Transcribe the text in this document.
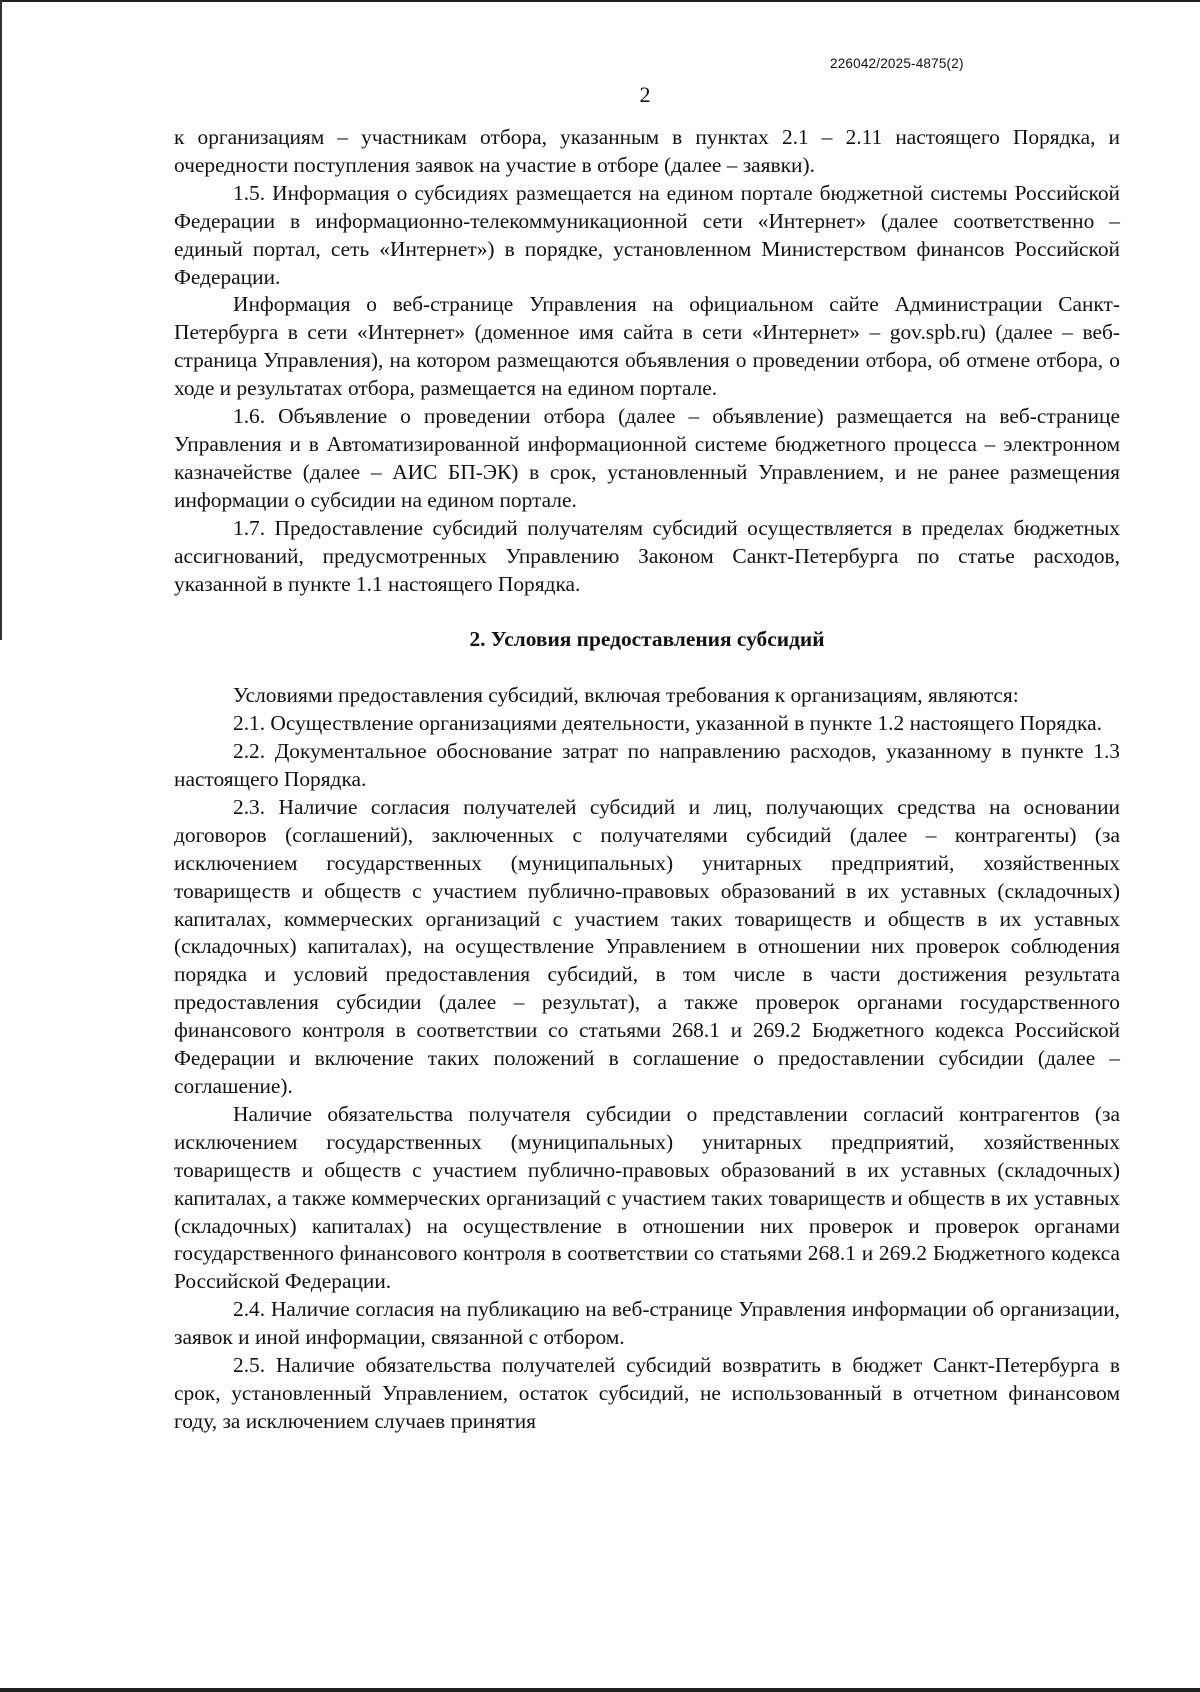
226042/2025-4875(2)
2

к организациям – участникам отбора, указанным в пунктах 2.1 – 2.11 настоящего Порядка, и очередности поступления заявок на участие в отборе (далее – заявки).

1.5. Информация о субсидиях размещается на едином портале бюджетной системы Российской Федерации в информационно-телекоммуникационной сети «Интернет» (далее соответственно – единый портал, сеть «Интернет») в порядке, установленном Министерством финансов Российской Федерации.

Информация о веб-странице Управления на официальном сайте Администрации Санкт-Петербурга в сети «Интернет» (доменное имя сайта в сети «Интернет» – gov.spb.ru) (далее – веб-страница Управления), на котором размещаются объявления о проведении отбора, об отмене отбора, о ходе и результатах отбора, размещается на едином портале.

1.6. Объявление о проведении отбора (далее – объявление) размещается на веб-странице Управления и в Автоматизированной информационной системе бюджетного процесса – электронном казначействе (далее – АИС БП-ЭК) в срок, установленный Управлением, и не ранее размещения информации о субсидии на едином портале.

1.7. Предоставление субсидий получателям субсидий осуществляется в пределах бюджетных ассигнований, предусмотренных Управлению Законом Санкт-Петербурга по статье расходов, указанной в пункте 1.1 настоящего Порядка.

2. Условия предоставления субсидий

Условиями предоставления субсидий, включая требования к организациям, являются:

2.1. Осуществление организациями деятельности, указанной в пункте 1.2 настоящего Порядка.

2.2. Документальное обоснование затрат по направлению расходов, указанному в пункте 1.3 настоящего Порядка.

2.3. Наличие согласия получателей субсидий и лиц, получающих средства на основании договоров (соглашений), заключенных с получателями субсидий (далее – контрагенты) (за исключением государственных (муниципальных) унитарных предприятий, хозяйственных товариществ и обществ с участием публично-правовых образований в их уставных (складочных) капиталах, коммерческих организаций с участием таких товариществ и обществ в их уставных (складочных) капиталах), на осуществление Управлением в отношении них проверок соблюдения порядка и условий предоставления субсидий, в том числе в части достижения результата предоставления субсидии (далее – результат), а также проверок органами государственного финансового контроля в соответствии со статьями 268.1 и 269.2 Бюджетного кодекса Российской Федерации и включение таких положений в соглашение о предоставлении субсидии (далее – соглашение).

Наличие обязательства получателя субсидии о представлении согласий контрагентов (за исключением государственных (муниципальных) унитарных предприятий, хозяйственных товариществ и обществ с участием публично-правовых образований в их уставных (складочных) капиталах, а также коммерческих организаций с участием таких товариществ и обществ в их уставных (складочных) капиталах) на осуществление в отношении них проверок и проверок органами государственного финансового контроля в соответствии со статьями 268.1 и 269.2 Бюджетного кодекса Российской Федерации.

2.4. Наличие согласия на публикацию на веб-странице Управления информации об организации, заявок и иной информации, связанной с отбором.

2.5. Наличие обязательства получателей субсидий возвратить в бюджет Санкт-Петербурга в срок, установленный Управлением, остаток субсидий, не использованный в отчетном финансовом году, за исключением случаев принятия
